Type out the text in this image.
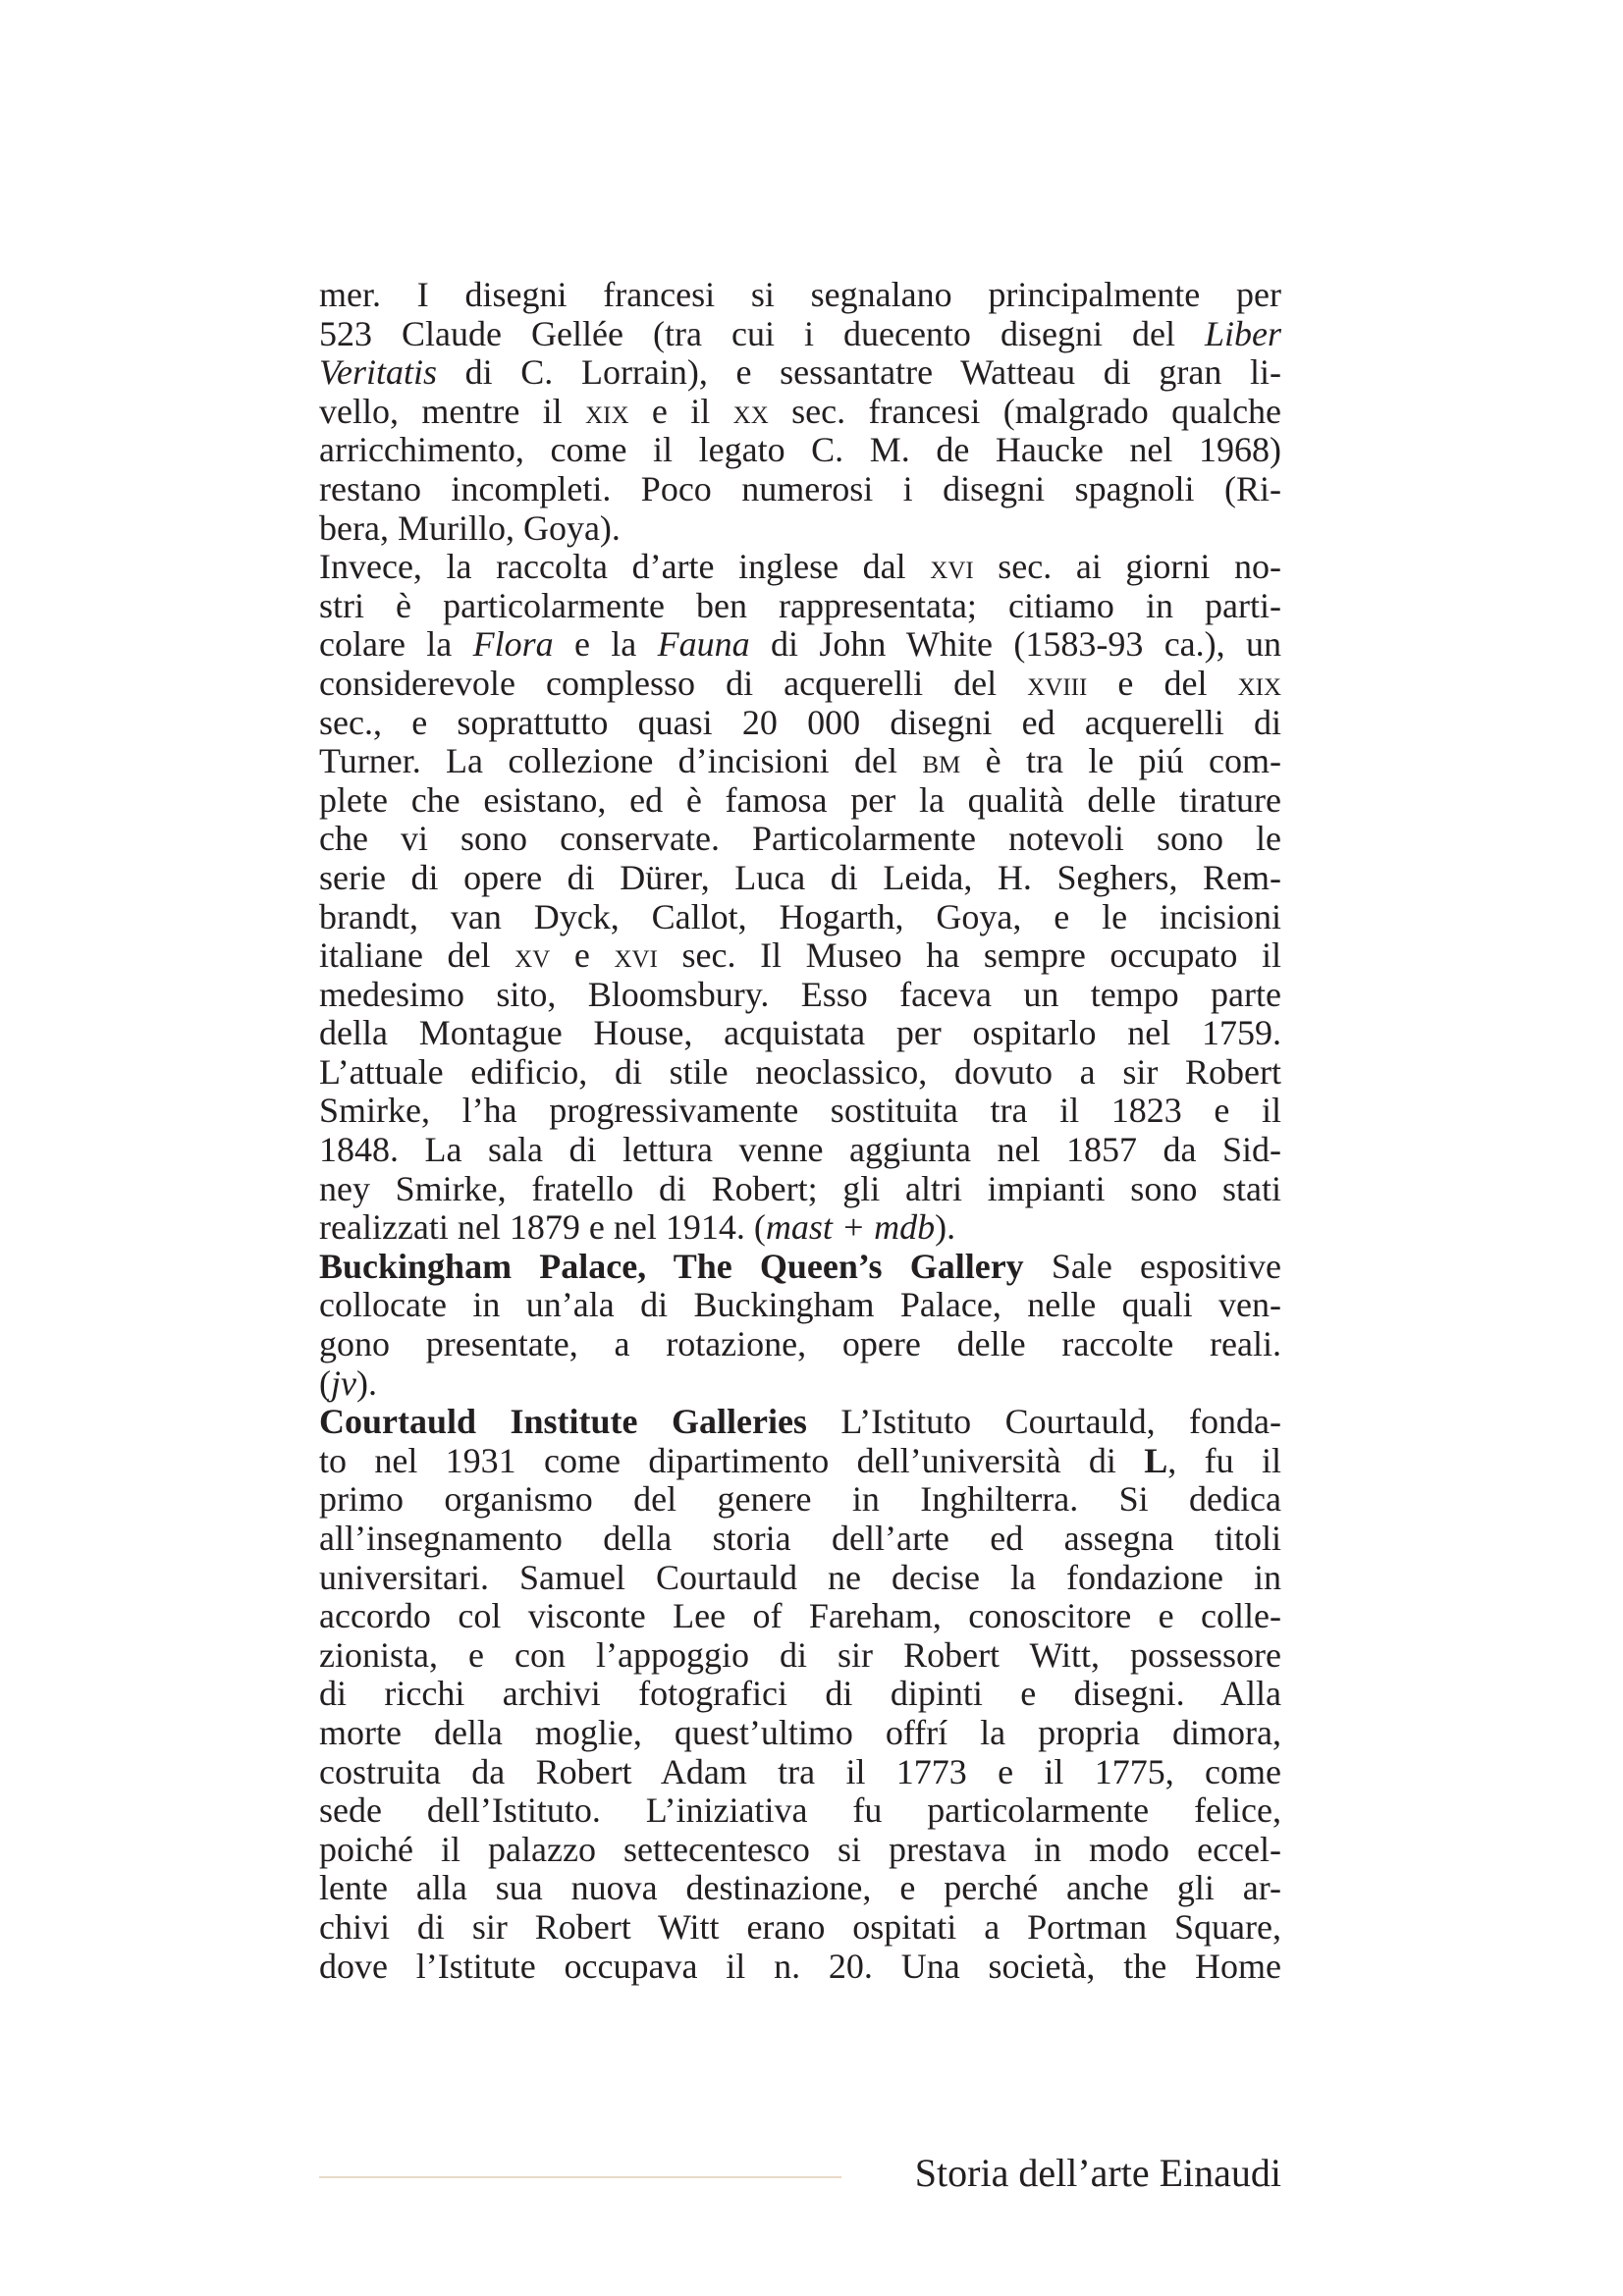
mer. I disegni francesi si segnalano principalmente per
523 Claude Gellée (tra cui i duecento disegni del Liber
Veritatis di C. Lorrain), e sessantatre Watteau di gran li-
vello, mentre il xix e il xx sec. francesi (malgrado qualche
arricchimento, come il legato C. M. de Haucke nel 1968)
restano incompleti. Poco numerosi i disegni spagnoli (Ri-
bera, Murillo, Goya).
Invece, la raccolta d’arte inglese dal xvi sec. ai giorni no-
stri è particolarmente ben rappresentata; citiamo in parti-
colare la Flora e la Fauna di John White (1583-93 ca.), un
considerevole complesso di acquerelli del xviii e del xix
sec., e soprattutto quasi 20 000 disegni ed acquerelli di
Turner. La collezione d’incisioni del bm è tra le piú com-
plete che esistano, ed è famosa per la qualità delle tirature
che vi sono conservate. Particolarmente notevoli sono le
serie di opere di Dürer, Luca di Leida, H. Seghers, Rem-
brandt, van Dyck, Callot, Hogarth, Goya, e le incisioni
italiane del xv e xvi sec. Il Museo ha sempre occupato il
medesimo sito, Bloomsbury. Esso faceva un tempo parte
della Montague House, acquistata per ospitarlo nel 1759.
L’attuale edificio, di stile neoclassico, dovuto a sir Robert
Smirke, l’ha progressivamente sostituita tra il 1823 e il
1848. La sala di lettura venne aggiunta nel 1857 da Sid-
ney Smirke, fratello di Robert; gli altri impianti sono stati
realizzati nel 1879 e nel 1914. (mast + mdb).
Buckingham Palace, The Queen’s Gallery Sale espositive
collocate in un’ala di Buckingham Palace, nelle quali ven-
gono presentate, a rotazione, opere delle raccolte reali.
(jv).
Courtauld Institute Galleries L’Istituto Courtauld, fonda-
to nel 1931 come dipartimento dell’università di L, fu il
primo organismo del genere in Inghilterra. Si dedica
all’insegnamento della storia dell’arte ed assegna titoli
universitari. Samuel Courtauld ne decise la fondazione in
accordo col visconte Lee of Fareham, conoscitore e colle-
zionista, e con l’appoggio di sir Robert Witt, possessore
di ricchi archivi fotografici di dipinti e disegni. Alla
morte della moglie, quest’ultimo offrí la propria dimora,
costruita da Robert Adam tra il 1773 e il 1775, come
sede dell’Istituto. L’iniziativa fu particolarmente felice,
poiché il palazzo settecentesco si prestava in modo eccel-
lente alla sua nuova destinazione, e perché anche gli ar-
chivi di sir Robert Witt erano ospitati a Portman Square,
dove l’Istitute occupava il n. 20. Una società, the Home
Storia dell’arte Einaudi
